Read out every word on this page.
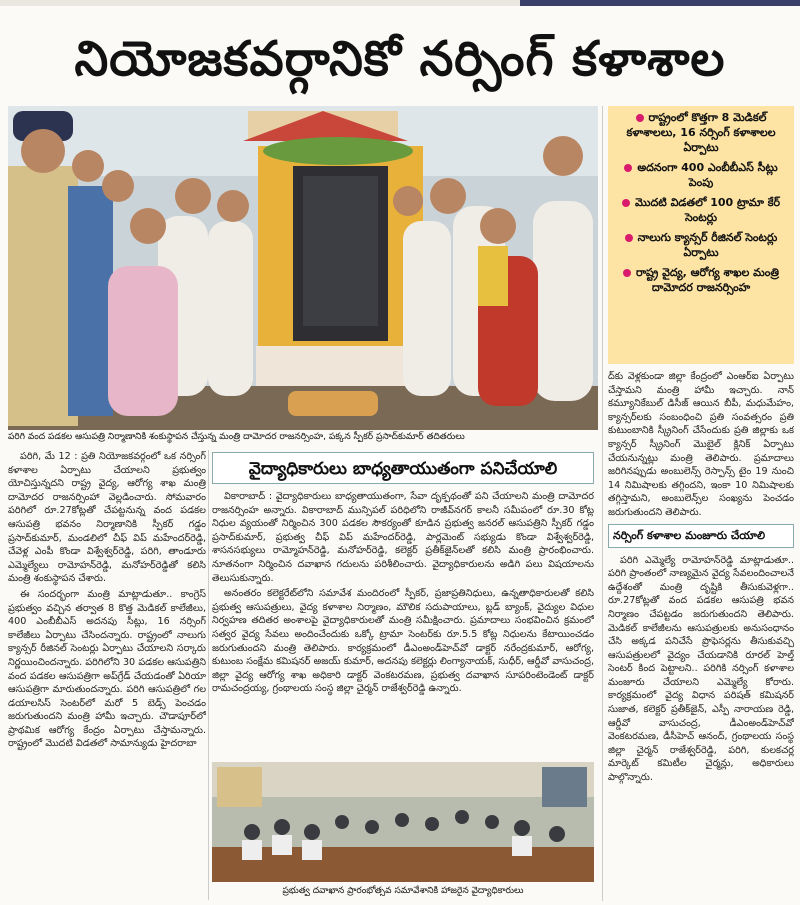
నియోజకవర్గానికో నర్సింగ్ కళాశాల
పరిగి వంద పడకల ఆసుపత్రి నిర్మాణానికి శంకుస్థాపన చేస్తున్న మంత్రి దామోదర రాజనర్సింహ, పక్కన స్పీకర్ ప్రసాద్‌కుమార్ తదితరులు
రాష్ట్రంలో కొత్తగా 8 మెడికల్ కళాశాలలు, 16 నర్సింగ్ కళాశాలల ఏర్పాటు
అదనంగా 400 ఎంబీబీఎస్ సీట్లు పెంపు
మొదటి విడతలో 100 ట్రామా కేర్ సెంటర్లు
నాలుగు క్యాన్సర్ రీజినల్ సెంటర్లు ఏర్పాటు
రాష్ట్ర వైద్య, ఆరోగ్య శాఖల మంత్రి దామోదర రాజనర్సింహ

పరిగి, మే 12 : ప్రతి నియోజకవర్గంలో ఒక నర్సింగ్ కళాశాల ఏర్పాటు చేయాలని ప్రభుత్వం యోచిస్తున్నదని రాష్ట్ర వైద్య, ఆరోగ్య శాఖ మంత్రి దామోదర రాజనర్సింహా వెల్లడించారు. సోమవారం పరిగిలో రూ.27కోట్లతో చేపట్టనున్న వంద పడకల ఆసుపత్రి భవనం నిర్మాణానికి స్పీకర్ గడ్డం ప్రసాద్‌కుమార్, మండలిలో చీఫ్ విప్ మహేందర్‌రెడ్డి, చేవెళ్ల ఎంపీ కొండా విశ్వేశ్వర్‌రెడ్డి, పరిగి, తాండూరు ఎమ్మెల్యేలు రామోహన్‌రెడ్డి, మనోహర్‌రెడ్డితో కలిసి మంత్రి శంకుస్థాపన చేశారు.

ఈ సందర్భంగా మంత్రి మాట్లాడుతూ.. కాంగ్రెస్ ప్రభుత్వం వచ్చిన తర్వాత 8 కొత్త మెడికల్ కాలేజీలు, 400 ఎంబీబీఎస్ అదనపు సీట్లు, 16 నర్సింగ్ కాలేజీలు ఏర్పాటు చేసిందన్నారు. రాష్ట్రంలో నాలుగు క్యాన్సర్ రీజినల్ సెంటర్లు ఏర్పాటు చేయాలని సర్కారు నిర్ణయించిందన్నారు. పరిగిలోని 30 పడకల ఆసుపత్రిని వంద పడకల ఆసుపత్రిగా అప్‌గ్రేడ్ చేయడంతో ఏరియా ఆసుపత్రిగా మారుతుందన్నారు. పరిగి ఆసుపత్రిలో గల డయాలసిస్ సెంటర్‌లో మరో 5 బెడ్స్ పెంచడం జరుగుతుందని మంత్రి హామీ ఇచ్చారు. చౌడాపూర్‌లో ప్రాథమిక ఆరోగ్య కేంద్రం ఏర్పాటు చేస్తామన్నారు. రాష్ట్రంలో మొదటి విడతలో సామాన్యుడు హైదరాబా

వైద్యాధికారులు బాధ్యతాయుతంగా పనిచేయాలి

వికారాబాద్ : వైద్యాధికారులు బాధ్యతాయుతంగా, సేవా దృక్పథంతో పని చేయాలని మంత్రి దామోదర రాజనర్సింహ అన్నారు. వికారాబాద్ మున్సిపల్ పరిధిలోని రాజీవ్‌నగర్ కాలనీ సమీపంలో రూ.30 కోట్ల నిధుల వ్యయంతో నిర్మించిన 300 పడకల సౌకర్యంతో కూడిన ప్రభుత్వ జనరల్ ఆసుపత్రిని స్పీకర్ గడ్డం ప్రసాద్‌కుమార్, ప్రభుత్వ చీఫ్ విప్ మహేందర్‌రెడ్డి, పార్లమెంట్ సభ్యుడు కొండా విశ్వేశ్వర్‌రెడ్డి, శాసనసభ్యులు రామ్మోహన్‌రెడ్డి, మనోహర్‌రెడ్డి, కలెక్టర్ ప్రతీక్‌జైన్‌లతో కలిసి మంత్రి ప్రారంభించారు. నూతనంగా నిర్మించిన దవాఖాన గదులను పరిశీలించారు. వైద్యాధికారులను అడిగి పలు విషయాలను తెలుసుకున్నారు.

అనంతరం కలెక్టరేట్‌లోని సమావేశ మందిరంలో స్పీకర్, ప్రజాప్రతినిధులు, ఉన్నతాధికారులతో కలిసి ప్రభుత్వ ఆసుపత్రులు, వైద్య కళాశాల నిర్మాణం, మౌలిక సదుపాయాలు, బ్లడ్ బ్యాంక్, వైద్యుల విధుల నిర్వహణ తదితర అంశాలపై వైద్యాధికారులతో మంత్రి సమీక్షించారు. ప్రమాదాలు సంభవించిన క్రమంలో సత్వర వైద్య సేవలు అందించేందుకు ఒక్కో ట్రామా సెంటర్‌కు రూ.5.5 కోట్ల నిధులను కేటాయించడం జరుగుతుందని మంత్రి తెలిపారు. కార్యక్రమంలో డీఎంఅండ్‌హెచ్‌వో డాక్టర్ నరేంద్రకుమార్, ఆరోగ్య, కుటుంబ సంక్షేమ కమిషనర్ అజయ్ కుమార్, అదనపు కలెక్టర్లు లింగ్యానాయక్, సుధీర్, ఆర్డీవో వాసుచంద్ర, జిల్లా వైద్య ఆరోగ్య శాఖ అధికారి డాక్టర్ వెంకటరమణ, ప్రభుత్వ దవాఖాన సూపరింటెండెంట్ డాక్టర్ రామచంద్రయ్య, గ్రంథాలయ సంస్థ జిల్లా చైర్మన్ రాజేశ్వర్‌రెడ్డి ఉన్నారు.

ప్రభుత్వ దవాఖాన ప్రారంభోత్సవ సమావేశానికి హాజరైన వైద్యాధికారులు

ద్‌కు వెళ్లకుండా జిల్లా కేంద్రంలో ఎంఆర్‌ఐ ఏర్పాటు చేస్తామని మంత్రి హామీ ఇచ్చారు. నాన్ కమ్యూనికేబుల్ డిసీజ్ ఆయిన బీపీ, మధుమేహం, క్యాన్సర్‌లకు సంబంధించి ప్రతి సంవత్సరం ప్రతి కుటుంబానికి స్క్రీనింగ్ చేసేందుకు ప్రతి జిల్లాకు ఒక క్యాన్సర్ స్క్రీనింగ్ మొబైల్ క్లినిక్ ఏర్పాటు చేయనున్నట్లు మంత్రి తెలిపారు. ప్రమాదాలు జరిగినప్పుడు అంబులెన్స్ రెస్పాన్స్ టైం 19 నుంచి 14 నిమిషాలకు తగ్గిందని, ఇంకా 10 నిమిషాలకు తగ్గిస్తామని, అంబులెన్స్‌ల సంఖ్యను పెంచడం జరుగుతుందని తెలిపారు.

నర్సింగ్ కళాశాల మంజూరు చేయాలి

పరిగి ఎమ్మెల్యే రామోహన్‌రెడ్డి మాట్లాడుతూ.. పరిగి ప్రాంతంలో నాణ్యమైన వైద్య సేవలందించాలనే ఉద్దేశంతో మంత్రి దృష్టికి తీసుకువెళ్లగా.. రూ.27కోట్లతో వంద పడకల ఆసుపత్రి భవన నిర్మాణం చేపట్టడం జరుగుతుందని తెలిపారు. మెడికల్ కాలేజీలను ఆసుపత్రులకు అనుసంధానం చేసి అక్కడ పనిచేసే ప్రొఫెసర్లను తీసుకువచ్చి ఆసుపత్రులలో వైద్యం చేయడానికి రూరల్ హెల్త్ సెంటర్ కింద పెట్టాలని.. పరిగికి నర్సింగ్ కళాశాల మంజూరు చేయాలని ఎమ్మెల్యే కోరారు. కార్యక్రమంలో వైద్య విధాన పరిషత్ కమిషనర్ సుజాత, కలెక్టర్ ప్రతీక్‌జైన్, ఎస్పీ నారాయణ రెడ్డి, ఆర్డీవో వాసుచంద్ర, డీఎంఅండ్‌హెచ్‌వో వెంకటరమణ, డీసీహెచ్ ఆనంద్, గ్రంథాలయ సంస్థ జిల్లా చైర్మన్ రాజేశ్వర్‌రెడ్డి, పరిగి, కులకచర్ల మార్కెట్ కమిటీల చైర్మన్లు, అధికారులు పాల్గొన్నారు.
